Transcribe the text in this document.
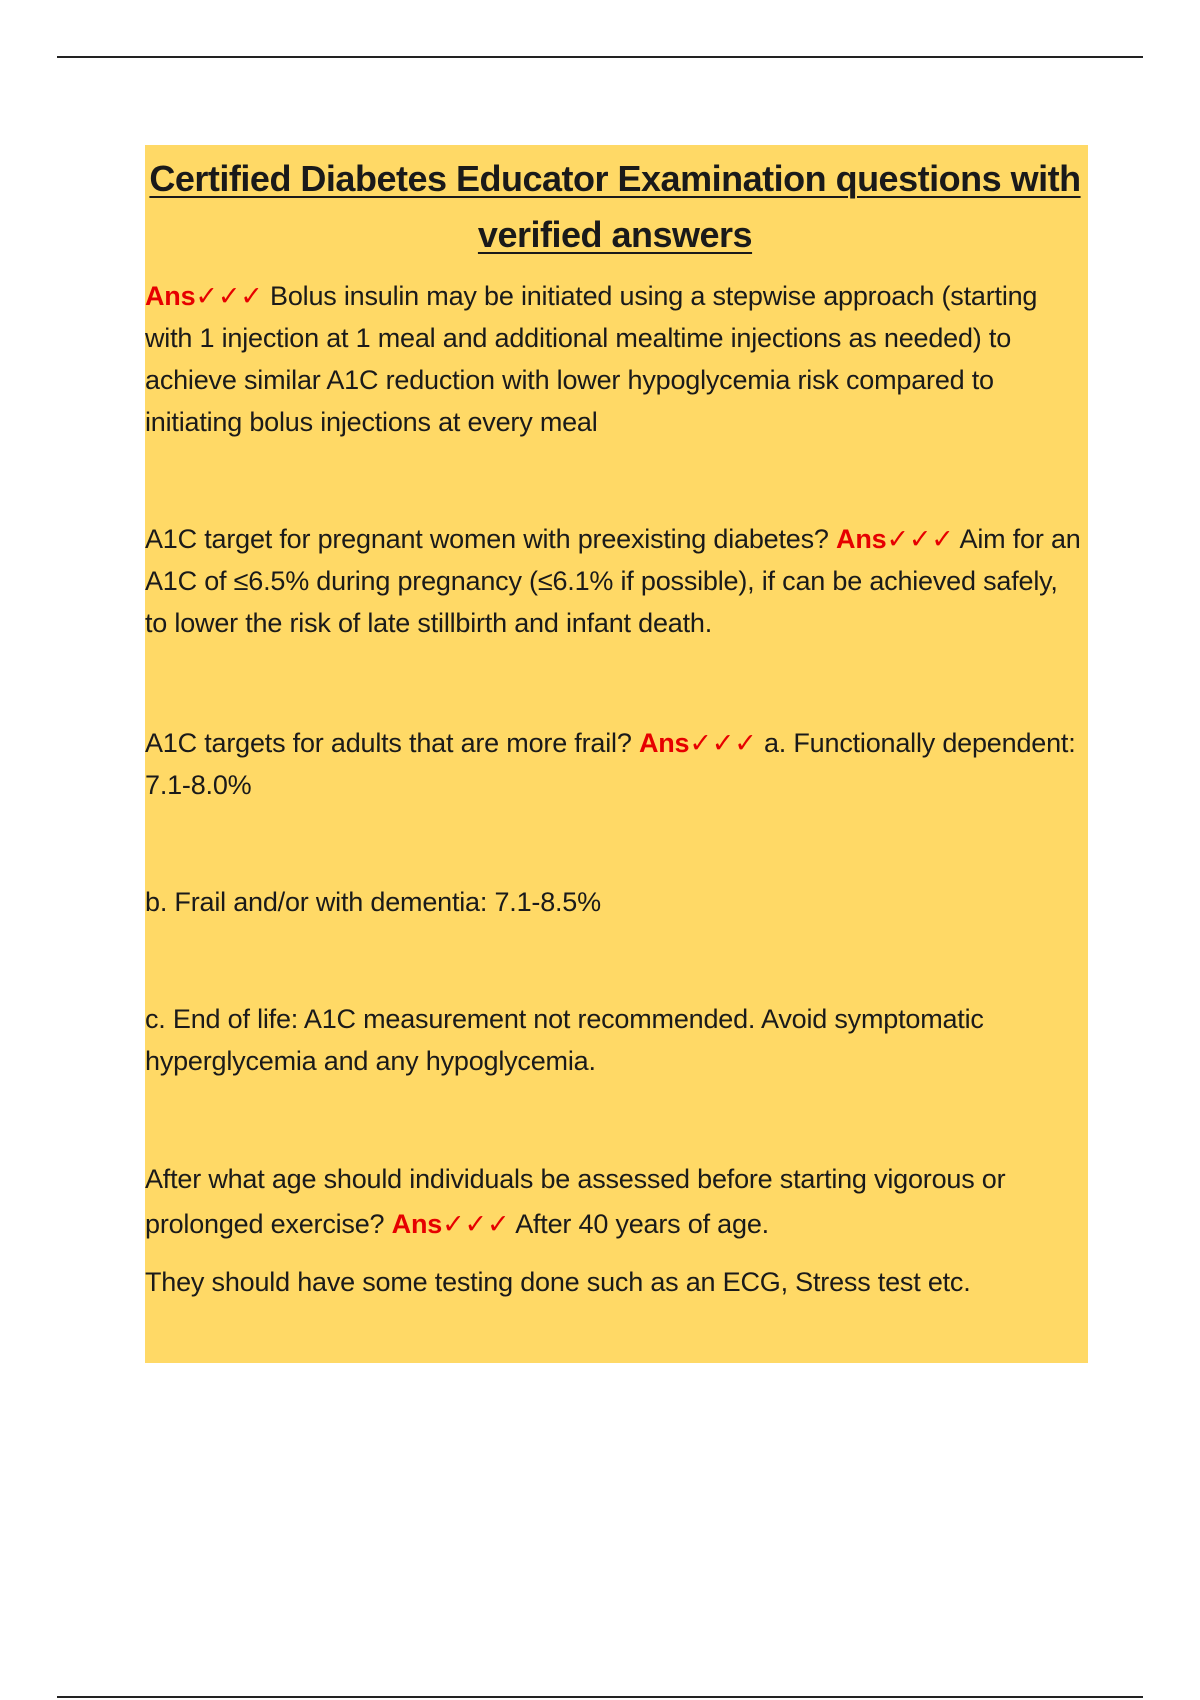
Certified Diabetes Educator Examination questions with verified answers

Ans✓✓✓ Bolus insulin may be initiated using a stepwise approach (starting with 1 injection at 1 meal and additional mealtime injections as needed) to achieve similar A1C reduction with lower hypoglycemia risk compared to initiating bolus injections at every meal

A1C target for pregnant women with preexisting diabetes? Ans✓✓✓ Aim for an A1C of ≤6.5% during pregnancy (≤6.1% if possible), if can be achieved safely, to lower the risk of late stillbirth and infant death.

A1C targets for adults that are more frail? Ans✓✓✓ a. Functionally dependent: 7.1-8.0%

b. Frail and/or with dementia: 7.1-8.5%

c. End of life: A1C measurement not recommended. Avoid symptomatic hyperglycemia and any hypoglycemia.

After what age should individuals be assessed before starting vigorous or prolonged exercise? Ans✓✓✓ After 40 years of age.

They should have some testing done such as an ECG, Stress test etc.
